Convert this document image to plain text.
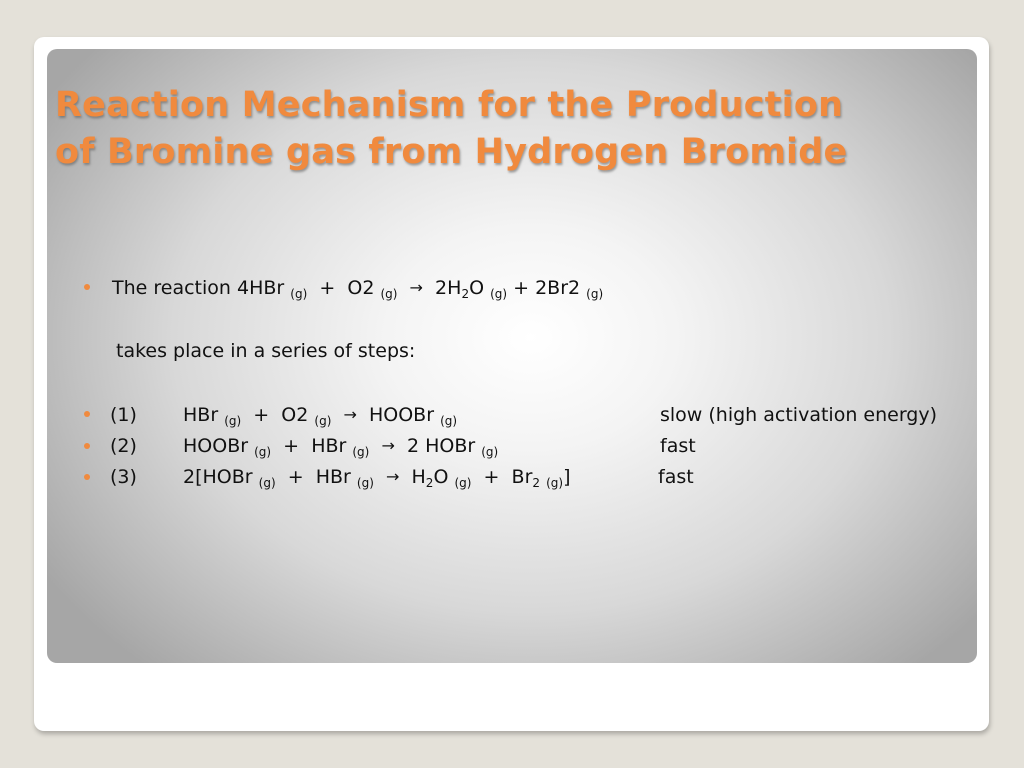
Reaction Mechanism for the Production
of Bromine gas from Hydrogen Bromide
The reaction 4HBr $_{(g)}$ + O2 $_{(g)} \to 2H_2O$ $_{(g)}$ + 2Br2 $_{(g)}$
takes place in a series of steps:
(1) HBr $_{(g)}$ + O2 $_{(g)}$ → HOOBr $_{(g)}$	slow (high activation energy)
(2) HOOBr $_{(g)}$ + HBr $_{(g)}$ → 2 HOBr $_{(g)}$	fast
(3) 2[HOBr $_{(g)}$ + HBr $_{(g)} \to H_2O$ $_{(g)} + Br_2$ $_{(g)}$]	fast
